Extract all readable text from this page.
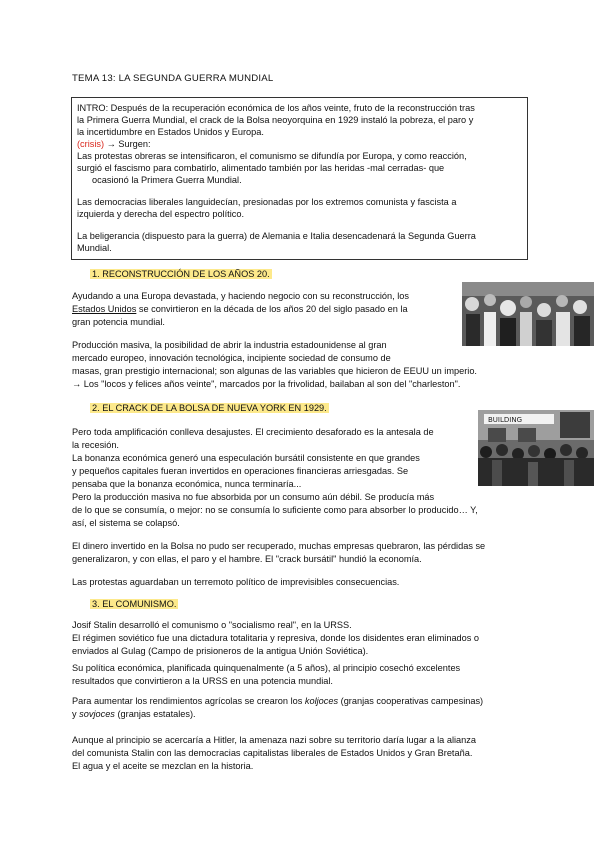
TEMA 13: LA SEGUNDA GUERRA MUNDIAL
INTRO: Después de la recuperación económica de los años veinte, fruto de la reconstrucción tras
la Primera Guerra Mundial, el crack de la Bolsa neoyorquina en 1929 instaló la pobreza, el paro y
la incertidumbre en Estados Unidos y Europa.
(crisis) → Surgen:
Las protestas obreras se intensificaron, el comunismo se difundía por Europa, y como reacción,
surgió el fascismo para combatirlo, alimentado también por las heridas -mal cerradas- que
ocasionó la Primera Guerra Mundial.
Las democracias liberales languidecían, presionadas por los extremos comunista y fascista a
izquierda y derecha del espectro político.
La beligerancia (dispuesto para la guerra) de Alemania e Italia desencadenará la Segunda Guerra
Mundial.
1. RECONSTRUCCIÓN DE LOS AÑOS 20.
Ayudando a una Europa devastada, y haciendo negocio con su reconstrucción, los
Estados Unidos se convirtieron en la década de los años 20 del siglo pasado en la
gran potencia mundial.
Producción masiva, la posibilidad de abrir la industria estadounidense al gran
mercado europeo, innovación tecnológica, incipiente sociedad de consumo de
masas, gran prestigio internacional; son algunas de las variables que hicieron de EEUU un imperio.
→ Los "locos y felices años veinte", marcados por la frivolidad, bailaban al son del "charleston".
2. EL CRACK DE LA BOLSA DE NUEVA YORK EN 1929.
Pero toda amplificación conlleva desajustes. El crecimiento desaforado es la antesala de
la recesión.
La bonanza económica generó una especulación bursátil consistente en que grandes
y pequeños capitales fueran invertidos en operaciones financieras arriesgadas. Se
pensaba que la bonanza económica, nunca terminaría...
Pero la producción masiva no fue absorbida por un consumo aún débil. Se producía más
de lo que se consumía, o mejor: no se consumía lo suficiente como para absorber lo producido… Y,
así, el sistema se colapsó.
El dinero invertido en la Bolsa no pudo ser recuperado, muchas empresas quebraron, las pérdidas se
generalizaron, y con ellas, el paro y el hambre. El "crack bursátil" hundió la economía.
Las protestas aguardaban un terremoto político de imprevisibles consecuencias.
BUILDING
3. EL COMUNISMO.
Josif Stalin desarrolló el comunismo o "socialismo real", en la URSS.
El régimen soviético fue una dictadura totalitaria y represiva, donde los disidentes eran eliminados o
enviados al Gulag (Campo de prisioneros de la antigua Unión Soviética).
Su política económica, planificada quinquenalmente (a 5 años), al principio cosechó excelentes
resultados que convirtieron a la URSS en una potencia mundial.
Para aumentar los rendimientos agrícolas se crearon los koljoces (granjas cooperativas campesinas)
y sovjoces (granjas estatales).
Aunque al principio se acercaría a Hitler, la amenaza nazi sobre su territorio daría lugar a la alianza
del comunista Stalin con las democracias capitalistas liberales de Estados Unidos y Gran Bretaña.
El agua y el aceite se mezclan en la historia.
